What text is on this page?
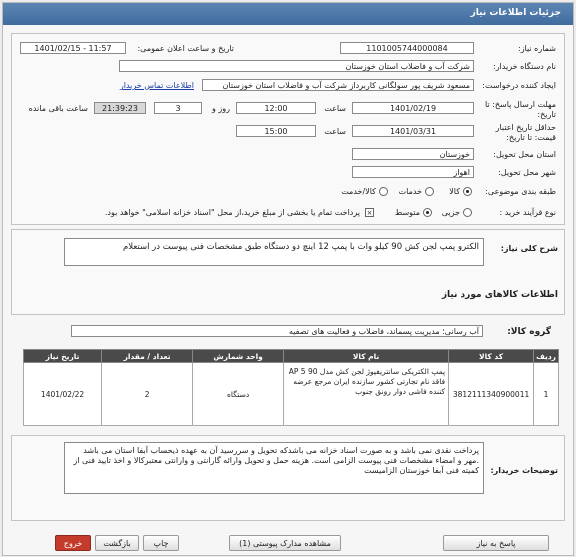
جزئیات اطلاعات نیاز
شماره نیاز:
1101005744000084
تاریخ و ساعت اعلان عمومی:
1401/02/15 - 11:57
نام دستگاه خریدار:
شرکت آب و فاضلاب استان خوزستان
ایجاد کننده درخواست:
مسعود شریف پور سولگانی کاربرداز شرکت آب و فاضلاب استان خوزستان
اطلاعات تماس خریدار
مهلت ارسال پاسخ: تا تاریخ:
1401/02/19
ساعت
12:00
روز و
3
21:39:23
ساعت باقی مانده
حداقل تاریخ اعتبار قیمت: تا تاریخ:
1401/03/31
ساعت
15:00
استان محل تحویل:
خوزستان
شهر محل تحویل:
اهواز
طبقه بندی موضوعی:
کالا
خدمات
کالا/خدمت
نوع فرآیند خرید :
جزیی
متوسط
×
پرداخت تمام یا بخشی از مبلغ خرید،از محل "اسناد خزانه اسلامی" خواهد بود.
شرح کلی نیاز:
الکترو پمپ لجن کش 90 کیلو وات با پمپ 12 اینچ دو دستگاه طبق مشخصات فنی پیوست در استعلام
اطلاعات کالاهای مورد نیاز
گروه کالا:
آب رسانی؛ مدیریت پسماند، فاضلاب و فعالیت های تصفیه
ردیف	کد کالا	نام کالا	واحد شمارش	تعداد / مقدار	تاریخ نیاز
1	3812111340900011	پمپ الکتریکی سانتریفیوژ لجن کش مدل AP 5 90 فاقد نام تجارتی کشور سازنده ایران مرجع عرضه کننده فاشی دوار رونق جنوب	دستگاه	2	1401/02/22
توضیحات خریدار:
پرداخت نقدی نمی باشد و به صورت اسناد خزانه می باشدکه تحویل و سررسید آن به عهده ذیحساب آبفا استان می باشد .مهر و امضاء مشخصات فنی پیوست الزامی است. هزینه حمل و تحویل وارائه گارانتی و وارانتی معتبرکالا و اخذ تایید فنی از کمیته فنی آبفا خوزستان الزامیست
پاسخ به نیاز
مشاهده مدارک پیوستی (1)
چاپ
بازگشت
خروج
